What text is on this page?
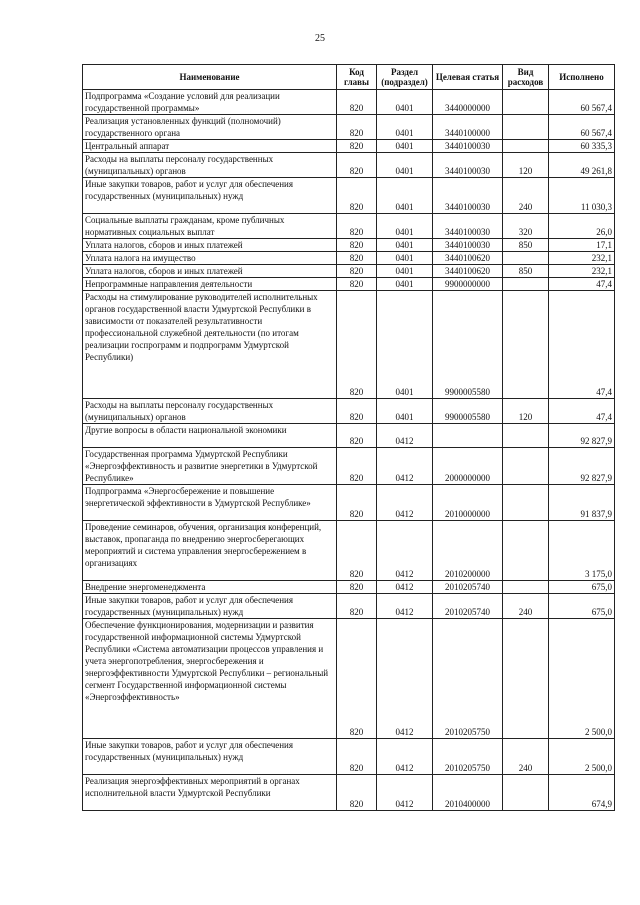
25
Наименование	Код главы	Раздел (подраздел)	Целевая статья	Вид расходов	Исполнено
Подпрограмма «Создание условий для реализации государственной программы»	820	0401	3440000000		60 567,4
Реализация установленных функций (полномочий) государственного органа	820	0401	3440100000		60 567,4
Центральный аппарат	820	0401	3440100030		60 335,3
Расходы на выплаты персоналу государственных (муниципальных) органов	820	0401	3440100030	120	49 261,8
Иные закупки товаров, работ и услуг для обеспечения государственных (муниципальных) нужд	820	0401	3440100030	240	11 030,3
Социальные выплаты гражданам, кроме публичных нормативных социальных выплат	820	0401	3440100030	320	26,0
Уплата налогов, сборов и иных платежей	820	0401	3440100030	850	17,1
Уплата налога на имущество	820	0401	3440100620		232,1
Уплата налогов, сборов и иных платежей	820	0401	3440100620	850	232,1
Непрограммные направления деятельности	820	0401	9900000000		47,4
Расходы на стимулирование руководителей исполнительных органов государственной власти Удмуртской Республики в зависимости от показателей результативности профессиональной служебной деятельности (по итогам реализации госпрограмм и подпрограмм Удмуртской Республики)	820	0401	9900005580		47,4
Расходы на выплаты персоналу государственных (муниципальных) органов	820	0401	9900005580	120	47,4
Другие вопросы в области национальной экономики	820	0412			92 827,9
Государственная программа Удмуртской Республики «Энергоэффективность и развитие энергетики в Удмуртской Республике»	820	0412	2000000000		92 827,9
Подпрограмма «Энергосбережение и повышение энергетической эффективности в Удмуртской Республике»	820	0412	2010000000		91 837,9
Проведение семинаров, обучения, организация конференций, выставок, пропаганда по внедрению энергосберегающих мероприятий и система управления энергосбережением в организациях	820	0412	2010200000		3 175,0
Внедрение энергоменеджмента	820	0412	2010205740		675,0
Иные закупки товаров, работ и услуг для обеспечения государственных (муниципальных) нужд	820	0412	2010205740	240	675,0
Обеспечение функционирования, модернизации и развития государственной информационной системы Удмуртской Республики «Система автоматизации процессов управления и учета энергопотребления, энергосбережения и энергоэффективности Удмуртской Республики – региональный сегмент Государственной информационной системы «Энергоэффективность»	820	0412	2010205750		2 500,0
Иные закупки товаров, работ и услуг для обеспечения государственных (муниципальных) нужд	820	0412	2010205750	240	2 500,0
Реализация энергоэффективных мероприятий в органах исполнительной власти Удмуртской Республики	820	0412	2010400000		674,9
